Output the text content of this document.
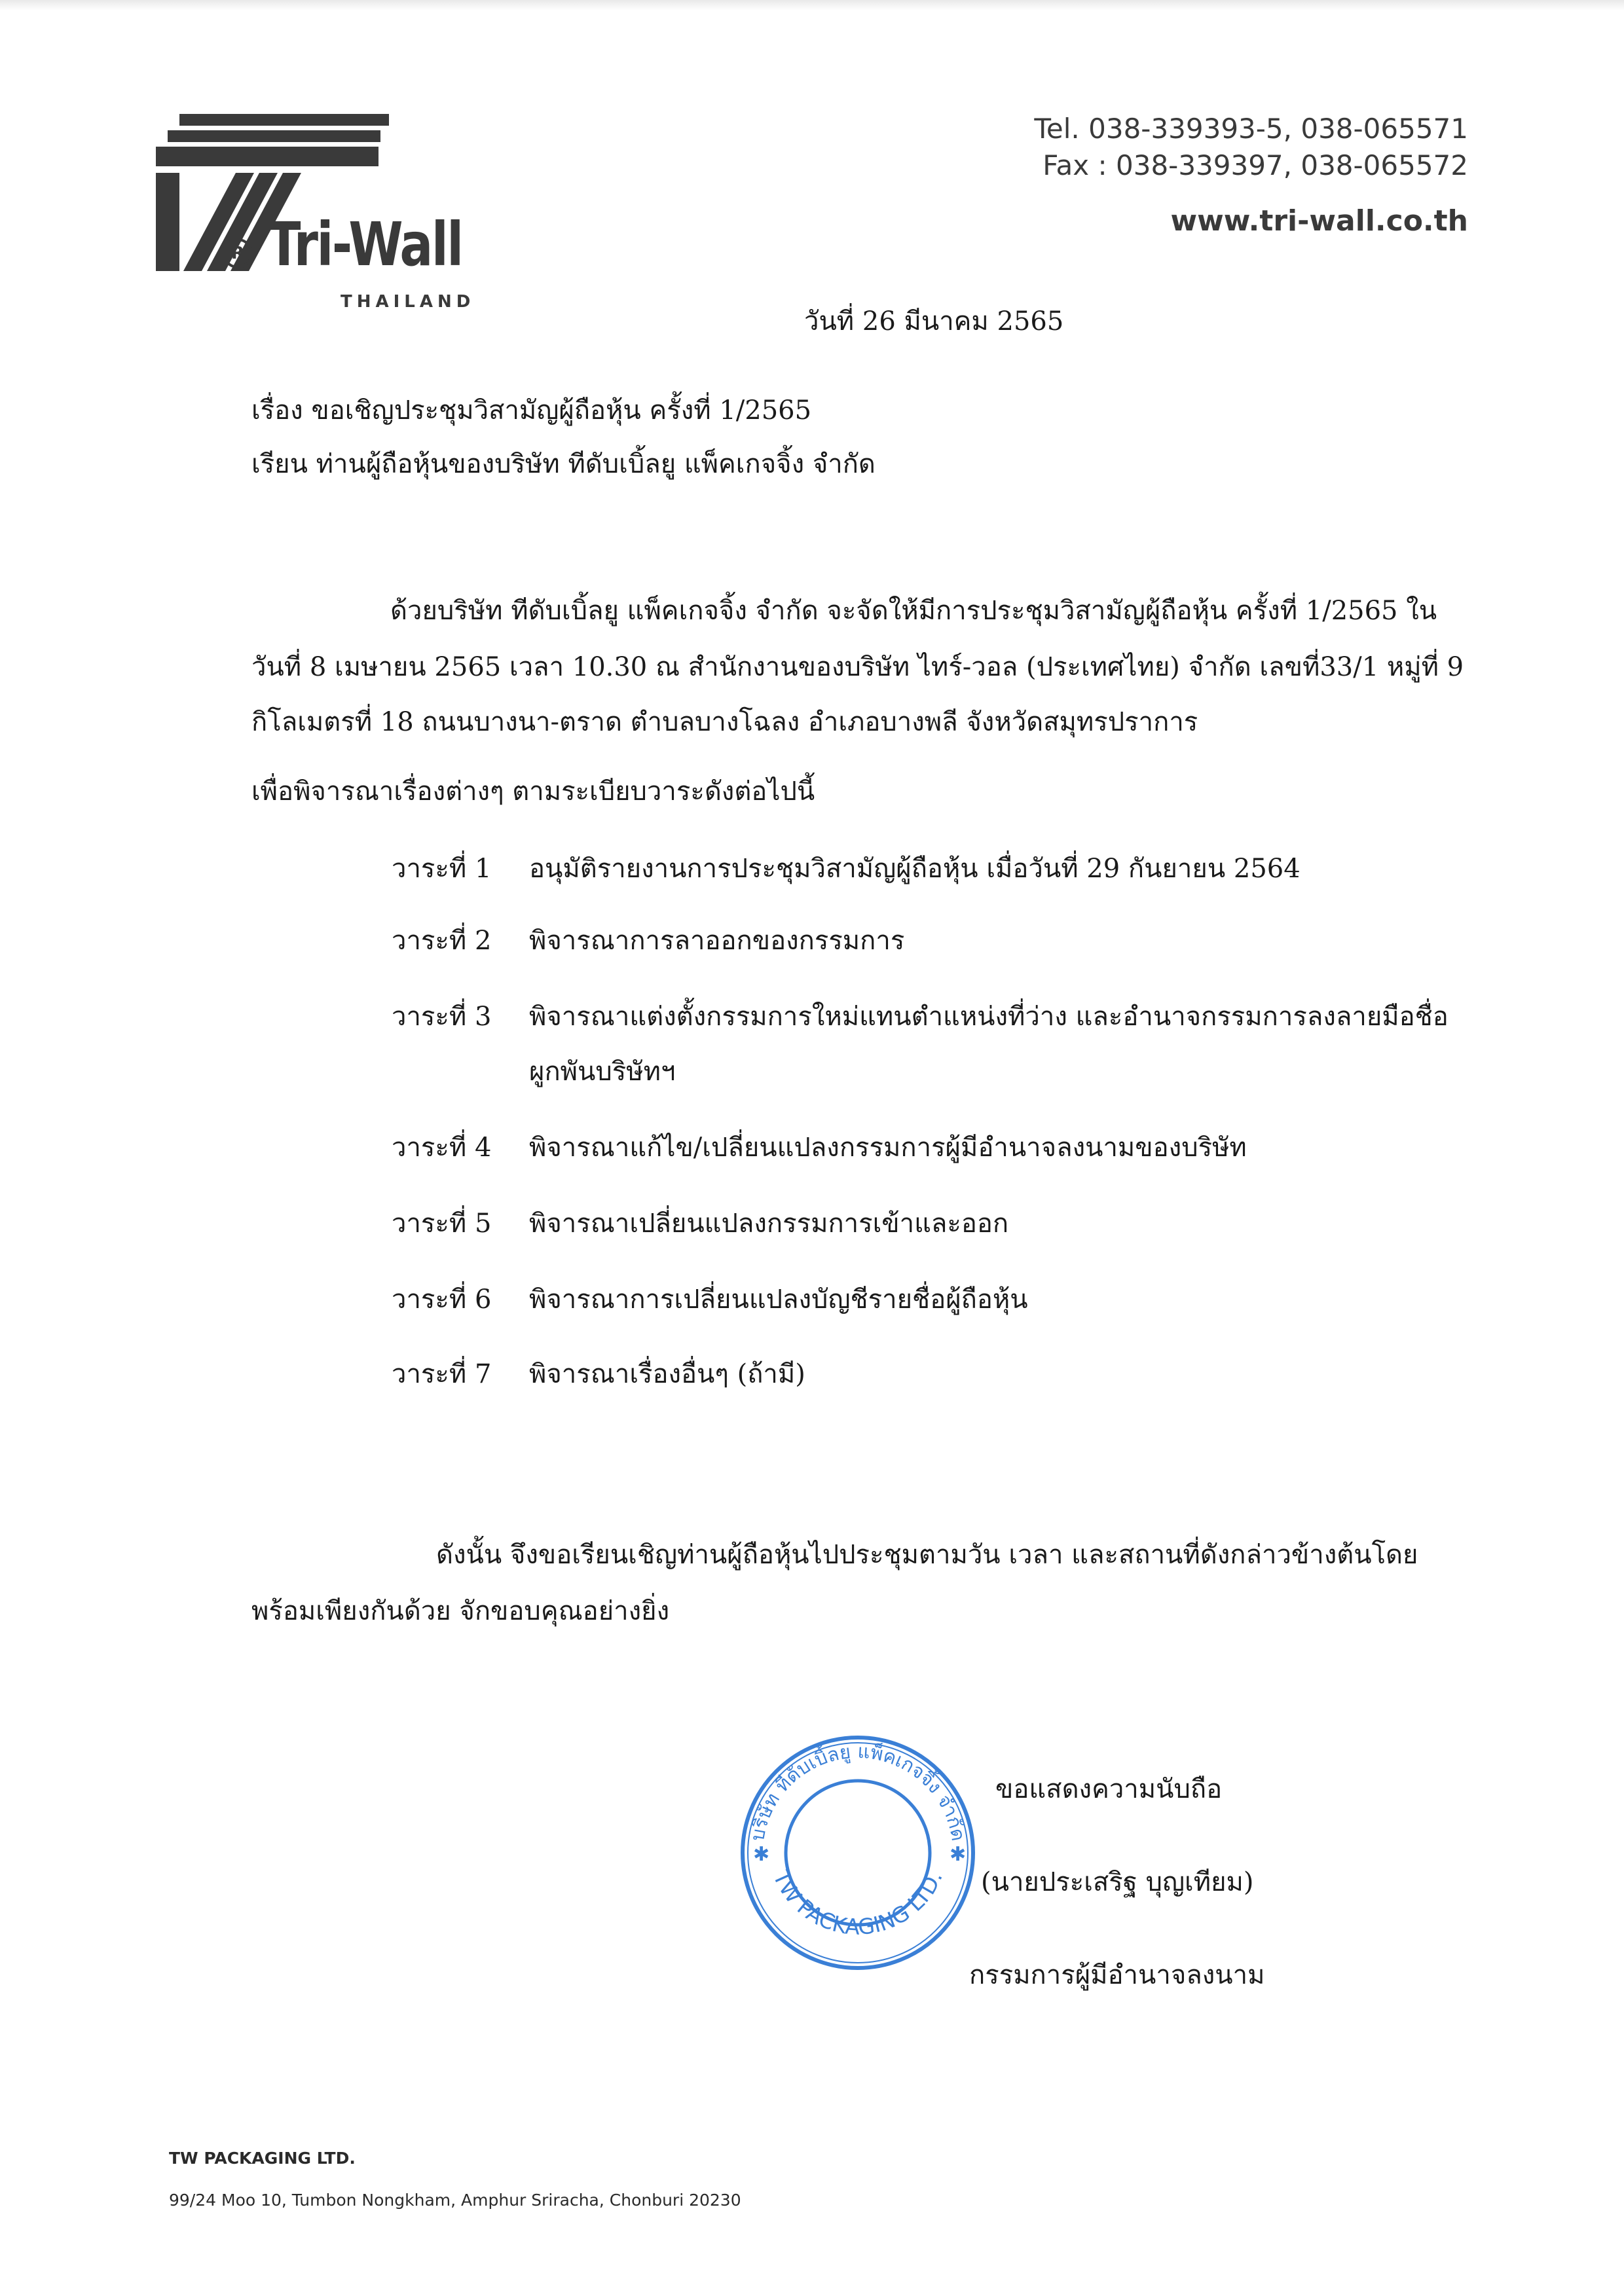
R Tri-Wall
THAILAND
Tel. 038-339393-5, 038-065571
Fax : 038-339397, 038-065572
www.tri-wall.co.th
วันที่ 26 มีนาคม 2565
เรื่อง ขอเชิญประชุมวิสามัญผู้ถือหุ้น ครั้งที่ 1/2565
เรียน ท่านผู้ถือหุ้นของบริษัท ทีดับเบิ้ลยู แพ็คเกจจิ้ง จำกัด
ด้วยบริษัท ทีดับเบิ้ลยู แพ็คเกจจิ้ง จำกัด จะจัดให้มีการประชุมวิสามัญผู้ถือหุ้น ครั้งที่ 1/2565 ใน
วันที่ 8 เมษายน 2565 เวลา 10.30 ณ สำนักงานของบริษัท ไทร์-วอล (ประเทศไทย) จำกัด เลขที่33/1 หมู่ที่ 9
กิโลเมตรที่ 18 ถนนบางนา-ตราด ตำบลบางโฉลง อำเภอบางพลี จังหวัดสมุทรปราการ
เพื่อพิจารณาเรื่องต่างๆ ตามระเบียบวาระดังต่อไปนี้
วาระที่ 1 อนุมัติรายงานการประชุมวิสามัญผู้ถือหุ้น เมื่อวันที่ 29 กันยายน 2564
วาระที่ 2 พิจารณาการลาออกของกรรมการ
วาระที่ 3 พิจารณาแต่งตั้งกรรมการใหม่แทนตำแหน่งที่ว่าง และอำนาจกรรมการลงลายมือชื่อ
ผูกพันบริษัทฯ
วาระที่ 4 พิจารณาแก้ไข/เปลี่ยนแปลงกรรมการผู้มีอำนาจลงนามของบริษัท
วาระที่ 5 พิจารณาเปลี่ยนแปลงกรรมการเข้าและออก
วาระที่ 6 พิจารณาการเปลี่ยนแปลงบัญชีรายชื่อผู้ถือหุ้น
วาระที่ 7 พิจารณาเรื่องอื่นๆ (ถ้ามี)
ดังนั้น จึงขอเรียนเชิญท่านผู้ถือหุ้นไปประชุมตามวัน เวลา และสถานที่ดังกล่าวข้างต้นโดย
พร้อมเพียงกันด้วย จักขอบคุณอย่างยิ่ง
บริษัท ทีดับเบิ้ลยู แพ็คเกจจิ้ง จำกัด
TW PACKAGING LTD.
✱	✱
ขอแสดงความนับถือ
(นายประเสริฐ บุญเทียม)
กรรมการผู้มีอำนาจลงนาม
TW PACKAGING LTD.
99/24 Moo 10, Tumbon Nongkham, Amphur Sriracha, Chonburi 20230
